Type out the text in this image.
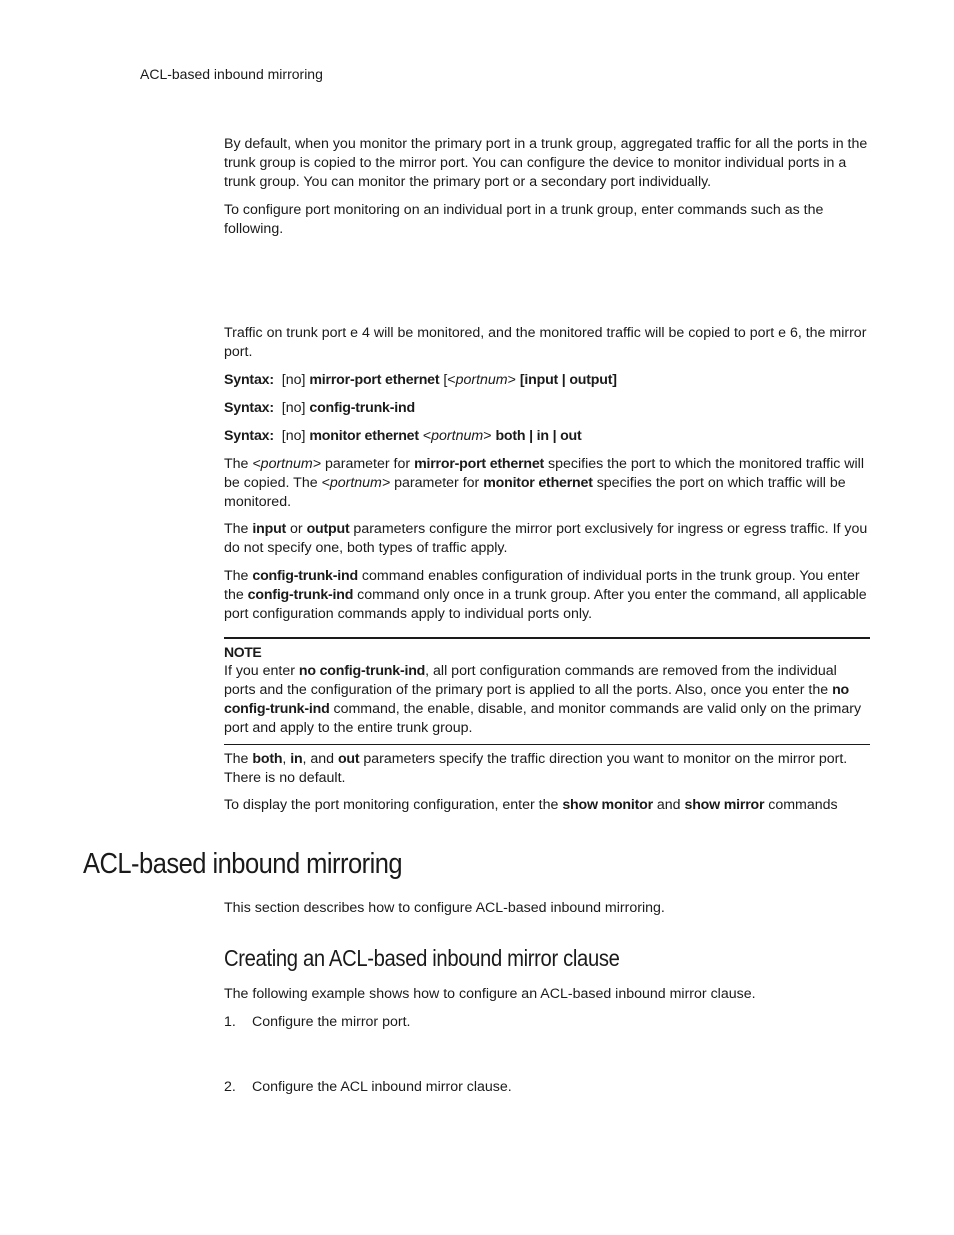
ACL-based inbound mirroring

By default, when you monitor the primary port in a trunk group, aggregated traffic for all the ports in the trunk group is copied to the mirror port. You can configure the device to monitor individual ports in a trunk group. You can monitor the primary port or a secondary port individually.

To configure port monitoring on an individual port in a trunk group, enter commands such as the following.

Traffic on trunk port e 4 will be monitored, and the monitored traffic will be copied to port e 6, the mirror port.

Syntax: [no] mirror-port ethernet [<portnum> [input | output]

Syntax: [no] config-trunk-ind

Syntax: [no] monitor ethernet <portnum> both | in | out

The <portnum> parameter for mirror-port ethernet specifies the port to which the monitored traffic will be copied. The <portnum> parameter for monitor ethernet specifies the port on which traffic will be monitored.

The input or output parameters configure the mirror port exclusively for ingress or egress traffic. If you do not specify one, both types of traffic apply.

The config-trunk-ind command enables configuration of individual ports in the trunk group. You enter the config-trunk-ind command only once in a trunk group. After you enter the command, all applicable port configuration commands apply to individual ports only.

NOTE

If you enter no config-trunk-ind, all port configuration commands are removed from the individual ports and the configuration of the primary port is applied to all the ports. Also, once you enter the no config-trunk-ind command, the enable, disable, and monitor commands are valid only on the primary port and apply to the entire trunk group.

The both, in, and out parameters specify the traffic direction you want to monitor on the mirror port. There is no default.

To display the port monitoring configuration, enter the show monitor and show mirror commands

ACL-based inbound mirroring

This section describes how to configure ACL-based inbound mirroring.

Creating an ACL-based inbound mirror clause

The following example shows how to configure an ACL-based inbound mirror clause.

1. Configure the mirror port.

2. Configure the ACL inbound mirror clause.
